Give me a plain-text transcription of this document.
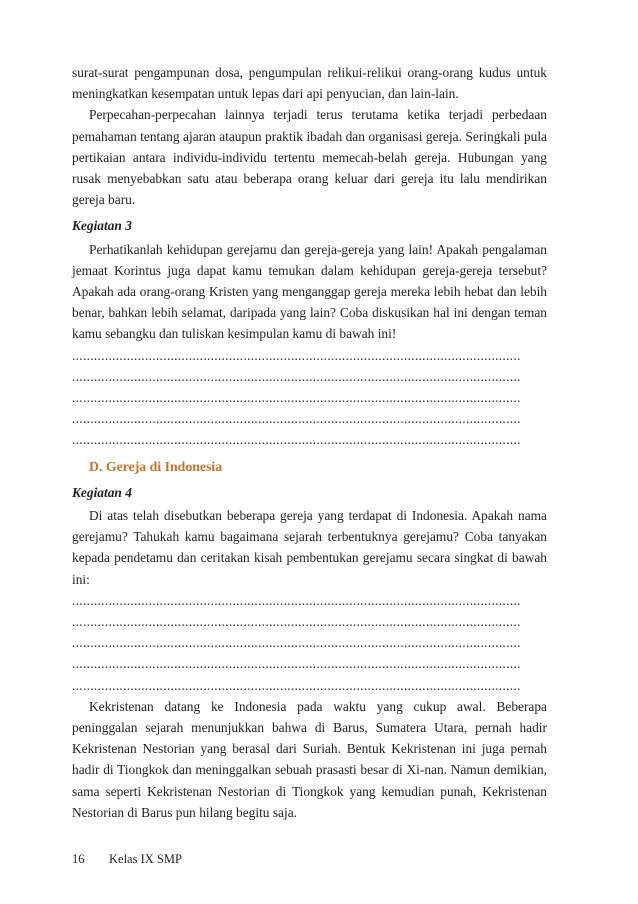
surat-surat pengampunan dosa, pengumpulan relikui-relikui orang-orang kudus untuk meningkatkan kesempatan untuk lepas dari api penyucian, dan lain-lain.

Perpecahan-perpecahan lainnya terjadi terus terutama ketika terjadi perbedaan pemahaman tentang ajaran ataupun praktik ibadah dan organisasi gereja. Seringkali pula pertikaian antara individu-individu tertentu memecah-belah gereja. Hubungan yang rusak menyebabkan satu atau beberapa orang keluar dari gereja itu lalu mendirikan gereja baru.

Kegiatan 3

Perhatikanlah kehidupan gerejamu dan gereja-gereja yang lain! Apakah pengalaman jemaat Korintus juga dapat kamu temukan dalam kehidupan gereja-gereja tersebut? Apakah ada orang-orang Kristen yang menganggap gereja mereka lebih hebat dan lebih benar, bahkan lebih selamat, daripada yang lain? Coba diskusikan hal ini dengan teman kamu sebangku dan tuliskan kesimpulan kamu di bawah ini!

...........................................................................................................................
...........................................................................................................................
...........................................................................................................................
...........................................................................................................................
...........................................................................................................................

D. Gereja di Indonesia

Kegiatan 4

Di atas telah disebutkan beberapa gereja yang terdapat di Indonesia. Apakah nama gerejamu? Tahukah kamu bagaimana sejarah terbentuknya gerejamu? Coba tanyakan kepada pendetamu dan ceritakan kisah pembentukan gerejamu secara singkat di bawah ini:

...........................................................................................................................
...........................................................................................................................
...........................................................................................................................
...........................................................................................................................
...........................................................................................................................

Kekristenan datang ke Indonesia pada waktu yang cukup awal. Beberapa peninggalan sejarah menunjukkan bahwa di Barus, Sumatera Utara, pernah hadir Kekristenan Nestorian yang berasal dari Suriah. Bentuk Kekristenan ini juga pernah hadir di Tiongkok dan meninggalkan sebuah prasasti besar di Xi-nan. Namun demikian, sama seperti Kekristenan Nestorian di Tiongkok yang kemudian punah, Kekristenan Nestorian di Barus pun hilang begitu saja.

16 Kelas IX SMP
